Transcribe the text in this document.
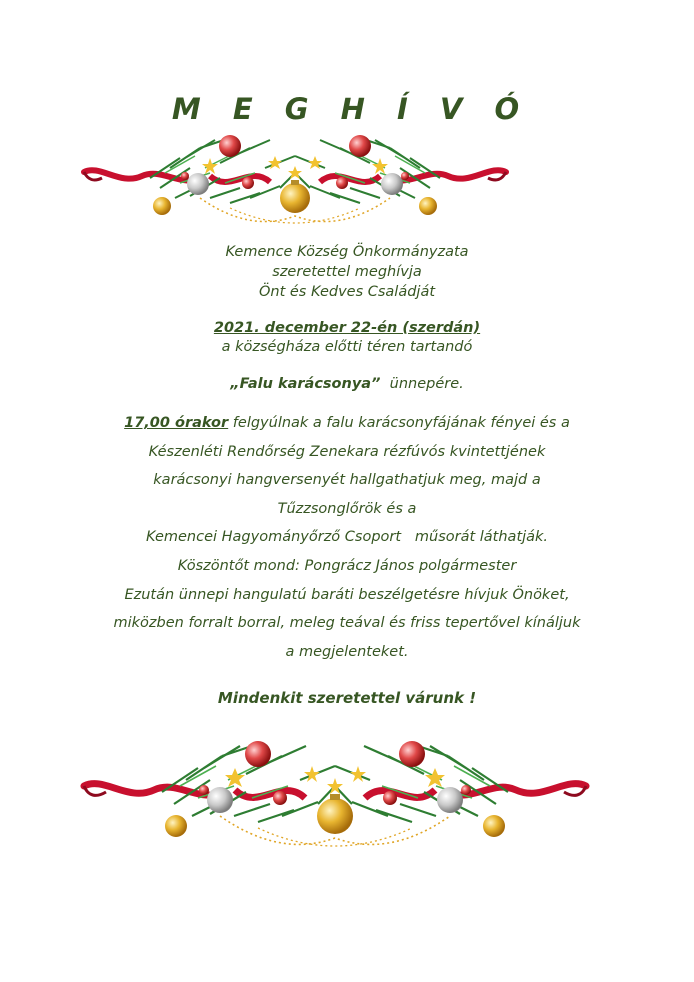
M E G H Í V Ó
Kemence Község Önkormányzata
szeretettel meghívja
Önt és Kedves Családját
2021. december 22-én (szerdán)
a községháza előtti téren tartandó
„Falu karácsonya”  ünnepére.
17,00 órakor felgyúlnak a falu karácsonyfájának fényei és a
Készenléti Rendőrség Zenekara rézfúvós kvintettjének
karácsonyi hangversenyét hallgathatjuk meg, majd a
Tűzzsonglőrök és a
Kemencei Hagyományőrző Csoport   műsorát láthatják.
Köszöntőt mond: Pongrácz János polgármester
Ezután ünnepi hangulatú baráti beszélgetésre hívjuk Önöket,
miközben forralt borral, meleg teával és friss tepertővel kínáljuk
a megjelenteket.
Mindenkit szeretettel várunk !
